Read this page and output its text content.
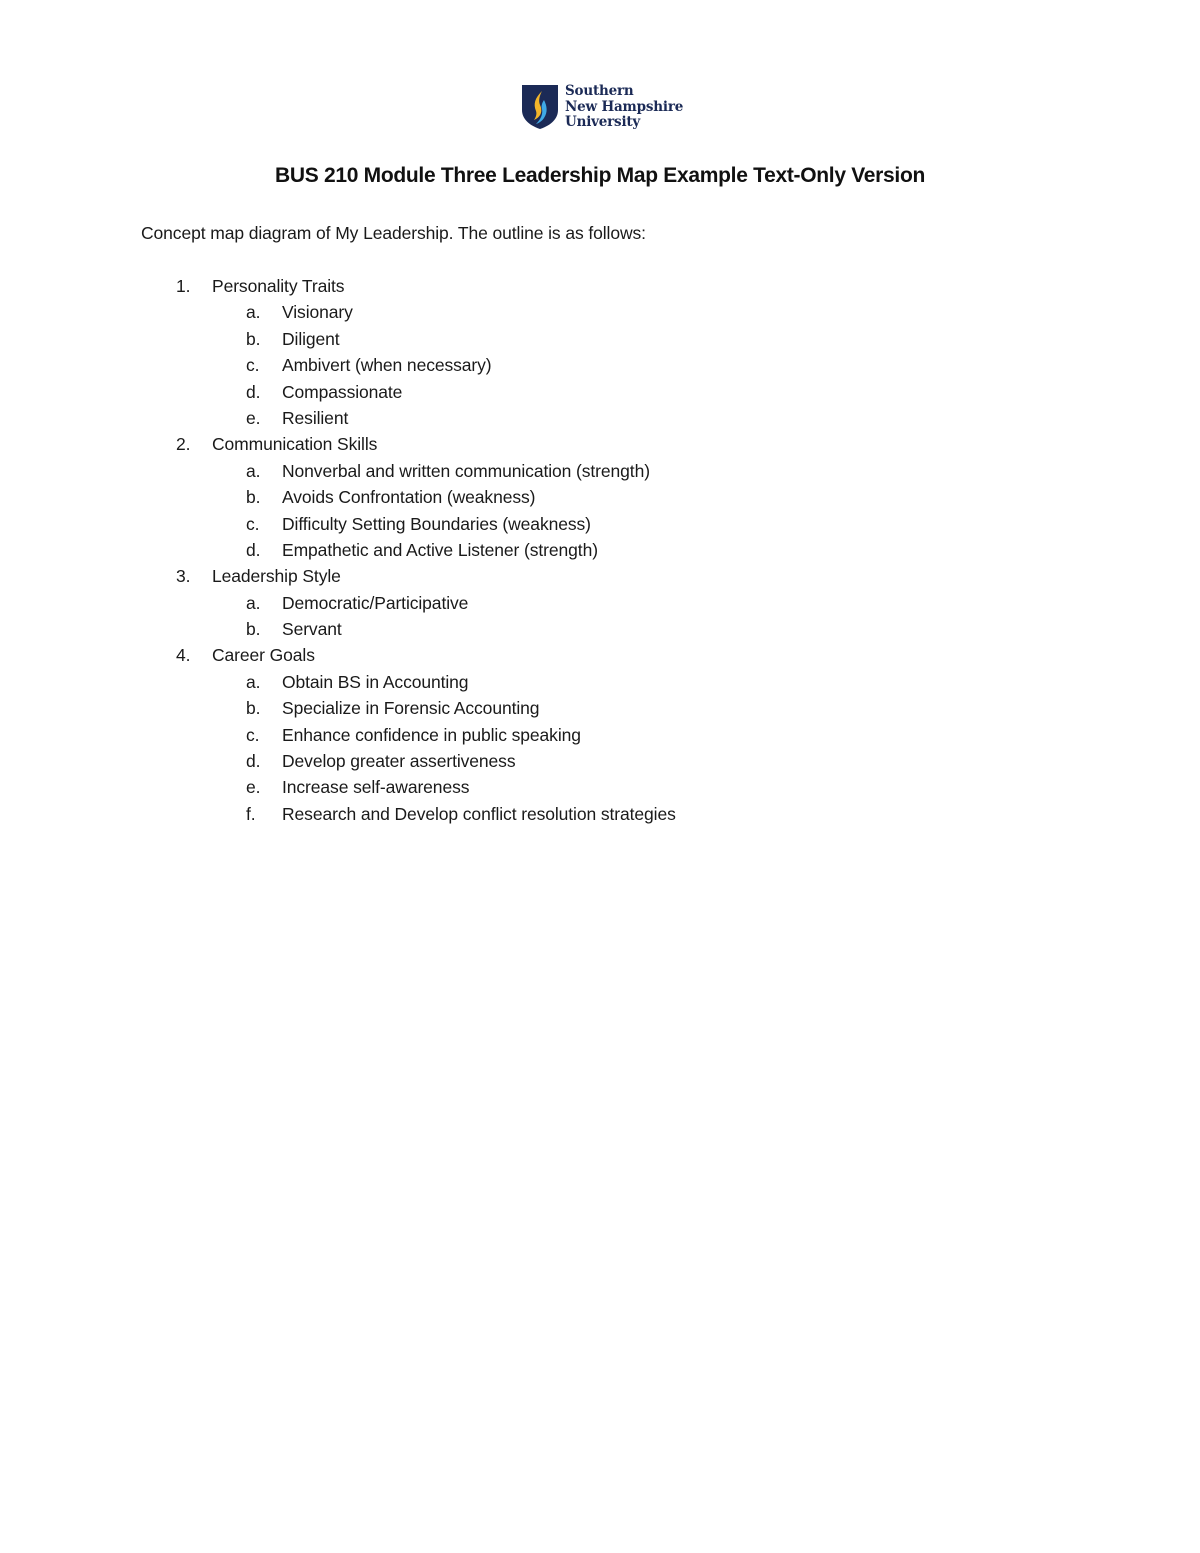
Southern
New Hampshire
University
BUS 210 Module Three Leadership Map Example Text-Only Version
Concept map diagram of My Leadership. The outline is as follows:
1. Personality Traits
a. Visionary
b. Diligent
c. Ambivert (when necessary)
d. Compassionate
e. Resilient
2. Communication Skills
a. Nonverbal and written communication (strength)
b. Avoids Confrontation (weakness)
c. Difficulty Setting Boundaries (weakness)
d. Empathetic and Active Listener (strength)
3. Leadership Style
a. Democratic/Participative
b. Servant
4. Career Goals
a. Obtain BS in Accounting
b. Specialize in Forensic Accounting
c. Enhance confidence in public speaking
d. Develop greater assertiveness
e. Increase self-awareness
f. Research and Develop conflict resolution strategies
